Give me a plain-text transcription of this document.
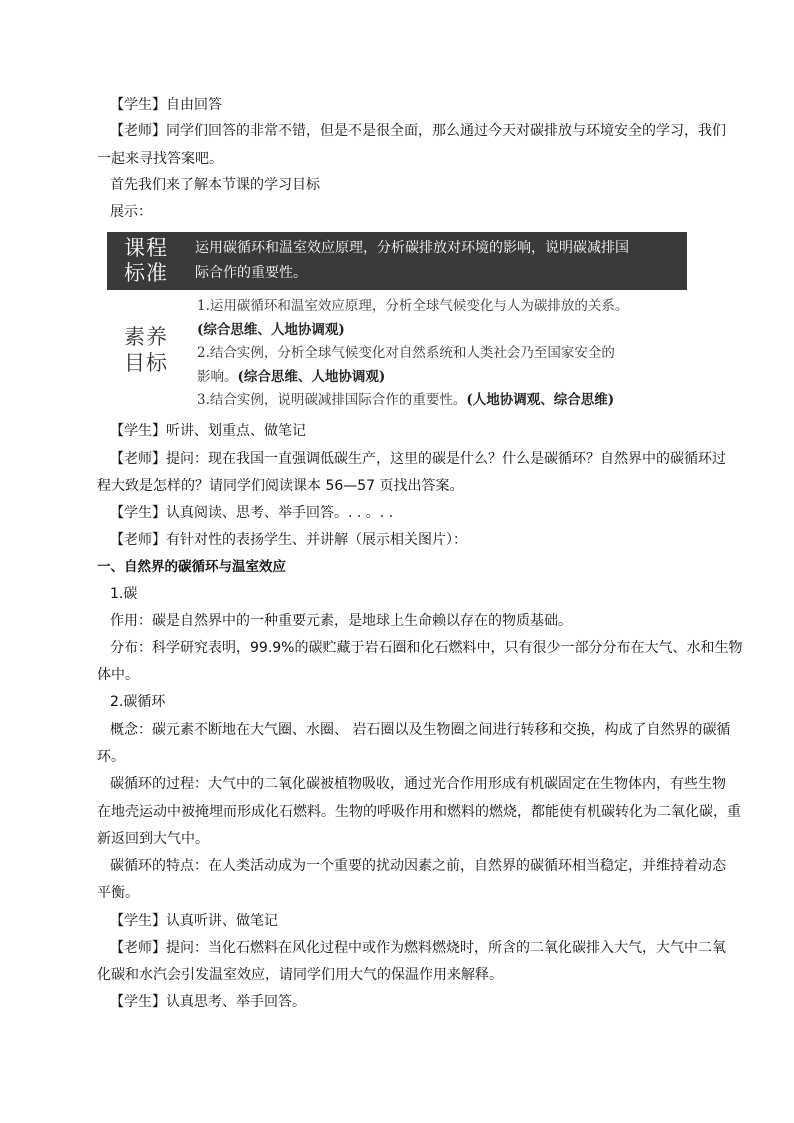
【学生】自由回答
【老师】同学们回答的非常不错，但是不是很全面，那么通过今天对碳排放与环境安全的学习，我们
一起来寻找答案吧。
首先我们来了解本节课的学习目标
展示：
课程
标准
运用碳循环和温室效应原理，分析碳排放对环境的影响，说明碳减排国
际合作的重要性。
素养
目标
1.运用碳循环和温室效应原理，分析全球气候变化与人为碳排放的关系。
(综合思维、人地协调观)
2.结合实例，分析全球气候变化对自然系统和人类社会乃至国家安全的
影响。(综合思维、人地协调观)
3.结合实例，说明碳减排国际合作的重要性。(人地协调观、综合思维)
【学生】听讲、划重点、做笔记
【老师】提问：现在我国一直强调低碳生产，这里的碳是什么？什么是碳循环？自然界中的碳循环过
程大致是怎样的？请同学们阅读课本 56—57 页找出答案。
【学生】认真阅读、思考、举手回答。. . 。. .
【老师】有针对性的表扬学生、并讲解（展示相关图片）：
一、自然界的碳循环与温室效应
1.碳
作用：碳是自然界中的一种重要元素，是地球上生命赖以存在的物质基础。
分布：科学研究表明，99.9%的碳贮藏于岩石圈和化石燃料中，只有很少一部分分布在大气、水和生物
体中。
2.碳循环
概念：碳元素不断地在大气圈、水圈、 岩石圈以及生物圈之间进行转移和交换，构成了自然界的碳循
环。
碳循环的过程：大气中的二氧化碳被植物吸收，通过光合作用形成有机碳固定在生物体内，有些生物
在地壳运动中被掩埋而形成化石燃料。生物的呼吸作用和燃料的燃烧，都能使有机碳转化为二氧化碳，重
新返回到大气中。
碳循环的特点：在人类活动成为一个重要的扰动因素之前，自然界的碳循环相当稳定，并维持着动态
平衡。
【学生】认真听讲、做笔记
【老师】提问：当化石燃料在风化过程中或作为燃料燃烧时，所含的二氧化碳排入大气，大气中二氧
化碳和水汽会引发温室效应，请同学们用大气的保温作用来解释。
【学生】认真思考、举手回答。
